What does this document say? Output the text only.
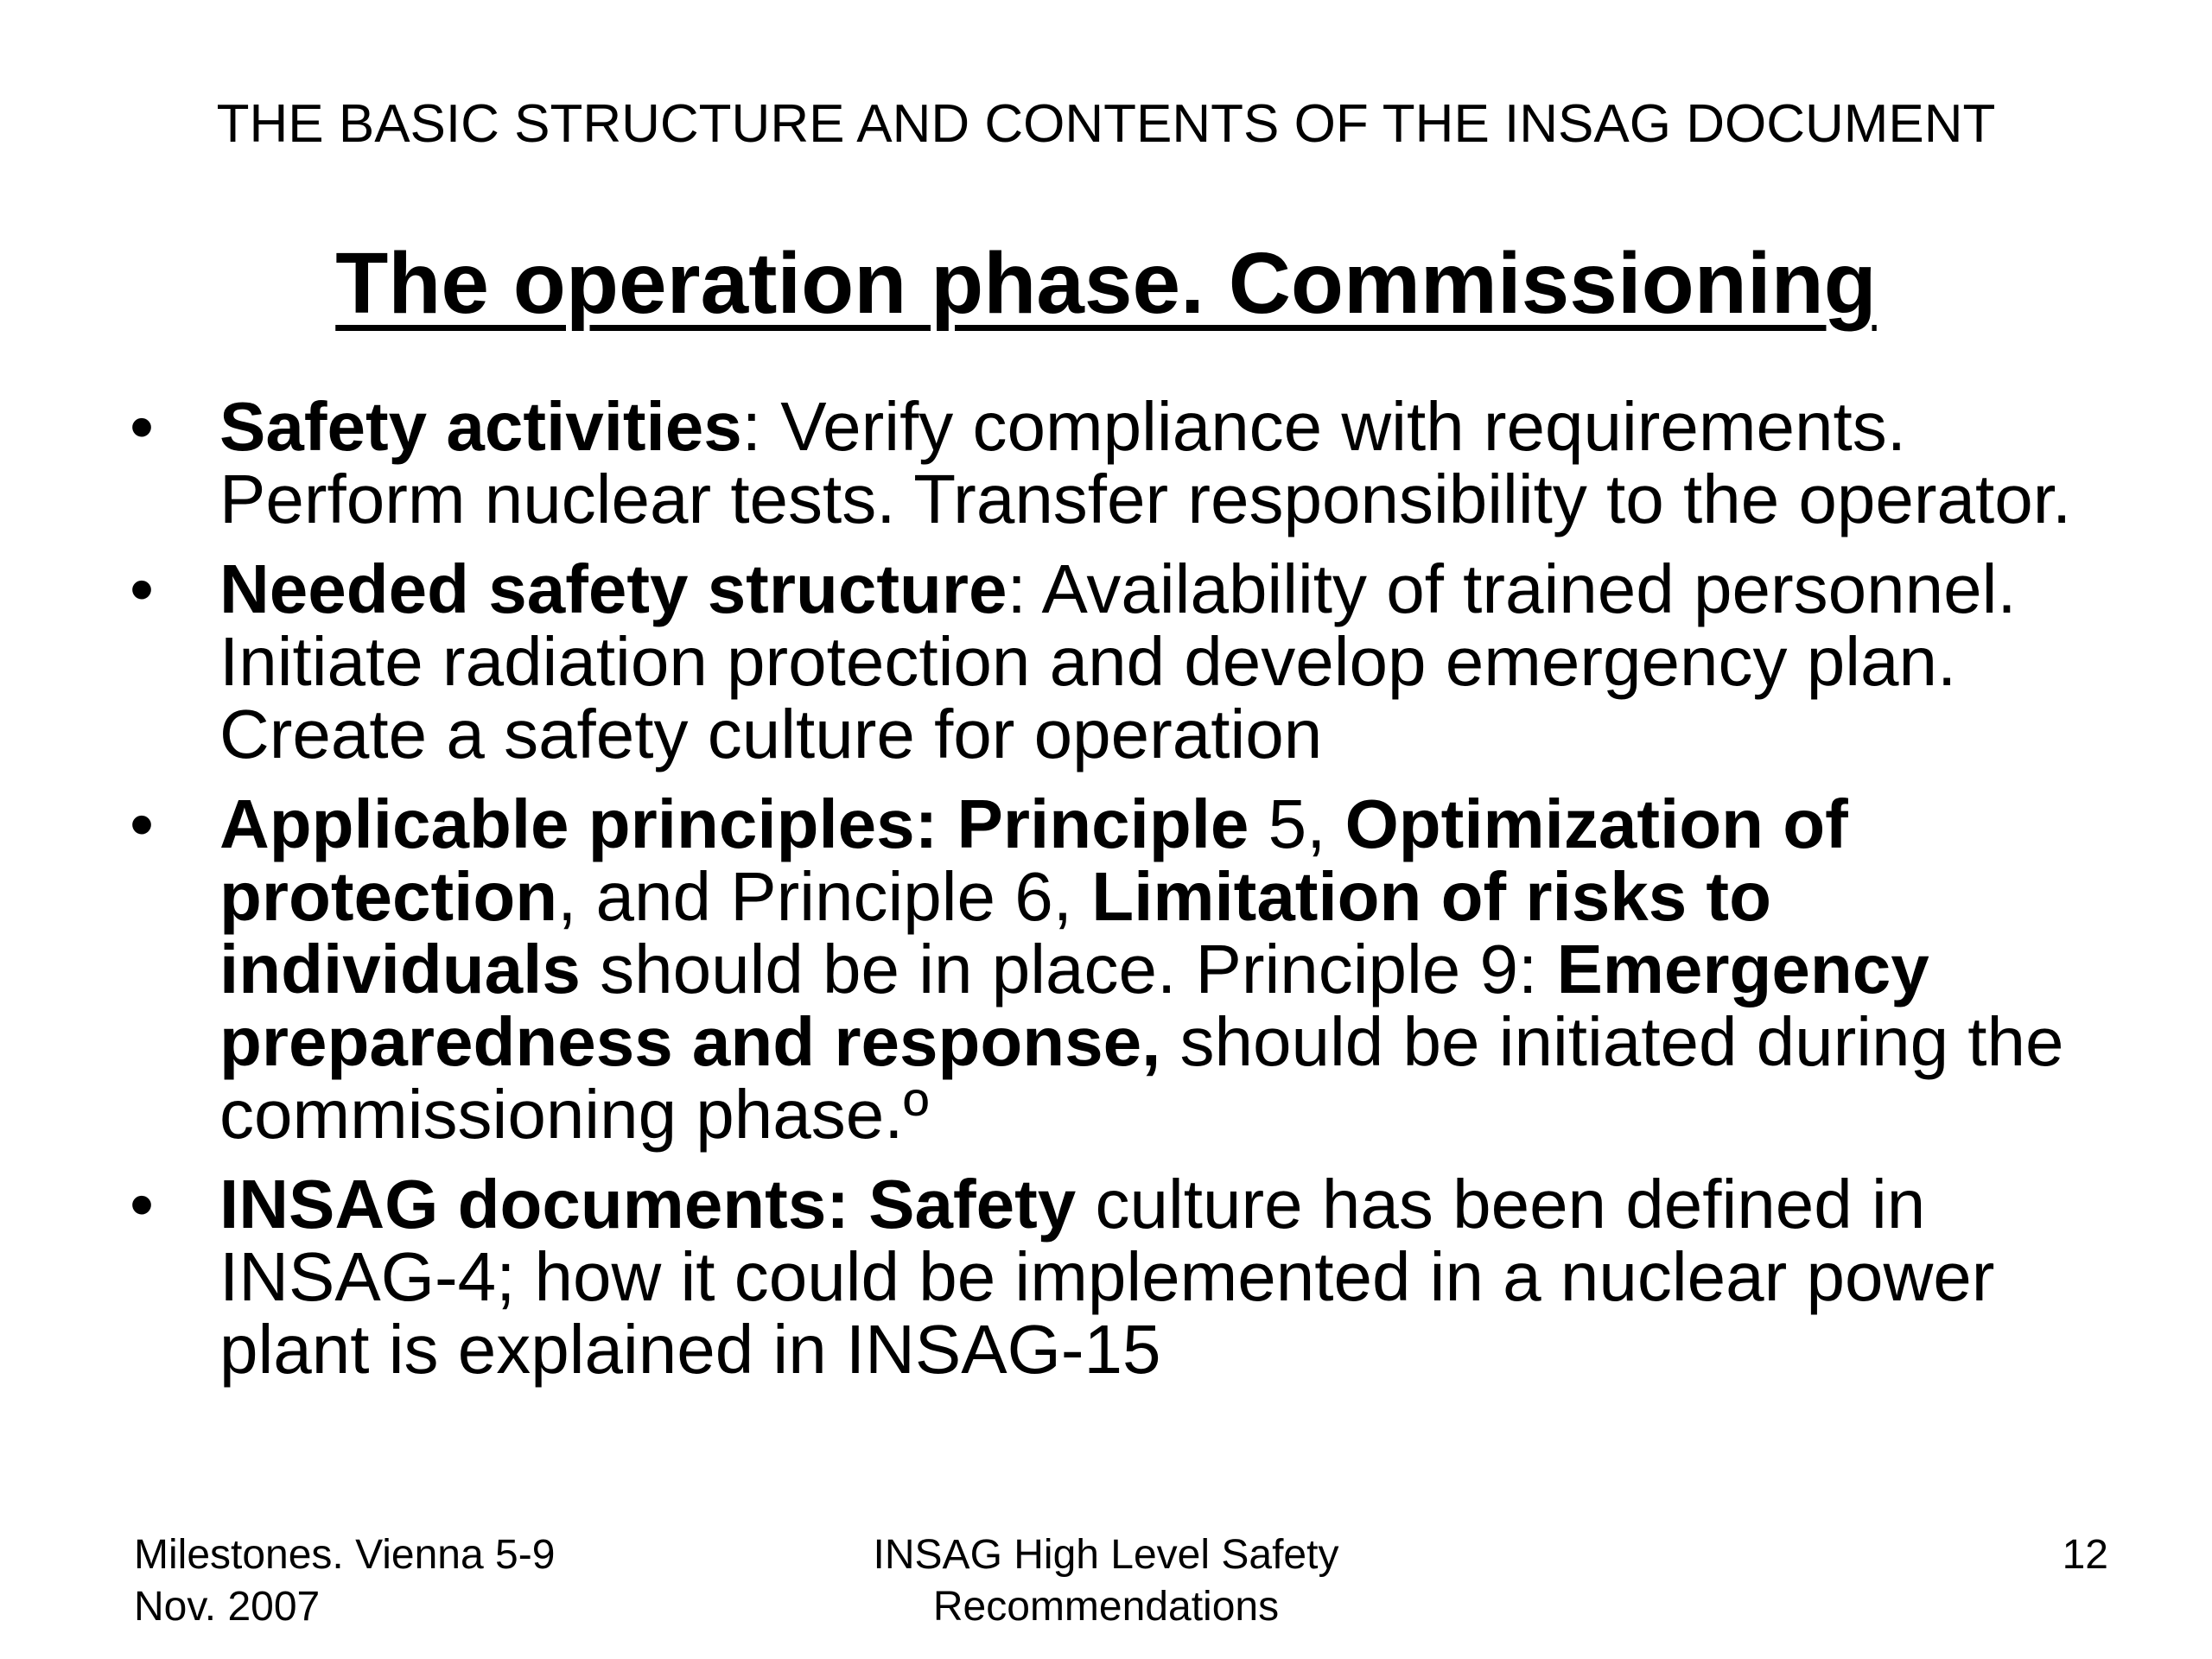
THE BASIC STRUCTURE AND CONTENTS OF THE INSAG DOCUMENT
The operation phase. Commissioning
• Safety activities: Verify compliance with requirements. Perform nuclear tests. Transfer responsibility to the operator.
• Needed safety structure: Availability of trained personnel. Initiate radiation protection and develop emergency plan. Create a safety culture for operation
• Applicable principles: Principle 5, Optimization of protection, and Principle 6, Limitation of risks to individuals should be in place. Principle 9: Emergency preparedness and response, should be initiated during the commissioning phase.º
• INSAG documents: Safety culture has been defined in INSAG-4; how it could be implemented in a nuclear power plant is explained in INSAG-15
Milestones. Vienna 5-9
Nov. 2007
INSAG High Level Safety
Recommendations
12
